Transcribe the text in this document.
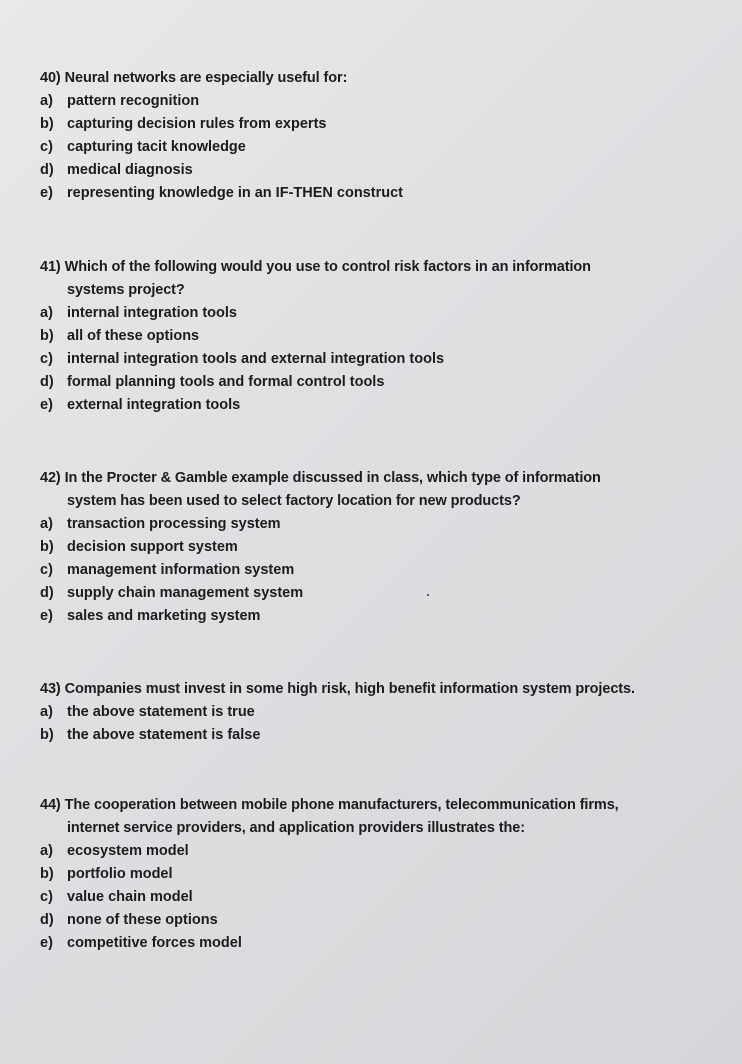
40) Neural networks are especially useful for:
a) pattern recognition
b) capturing decision rules from experts
c) capturing tacit knowledge
d) medical diagnosis
e) representing knowledge in an IF-THEN construct
41) Which of the following would you use to control risk factors in an information
systems project?
a) internal integration tools
b) all of these options
c) internal integration tools and external integration tools
d) formal planning tools and formal control tools
e) external integration tools
42) In the Procter & Gamble example discussed in class, which type of information
system has been used to select factory location for new products?
a) transaction processing system
b) decision support system
c) management information system
d) supply chain management system
e) sales and marketing system
43) Companies must invest in some high risk, high benefit information system projects.
a) the above statement is true
b) the above statement is false
44) The cooperation between mobile phone manufacturers, telecommunication firms,
internet service providers, and application providers illustrates the:
a) ecosystem model
b) portfolio model
c) value chain model
d) none of these options
e) competitive forces model
